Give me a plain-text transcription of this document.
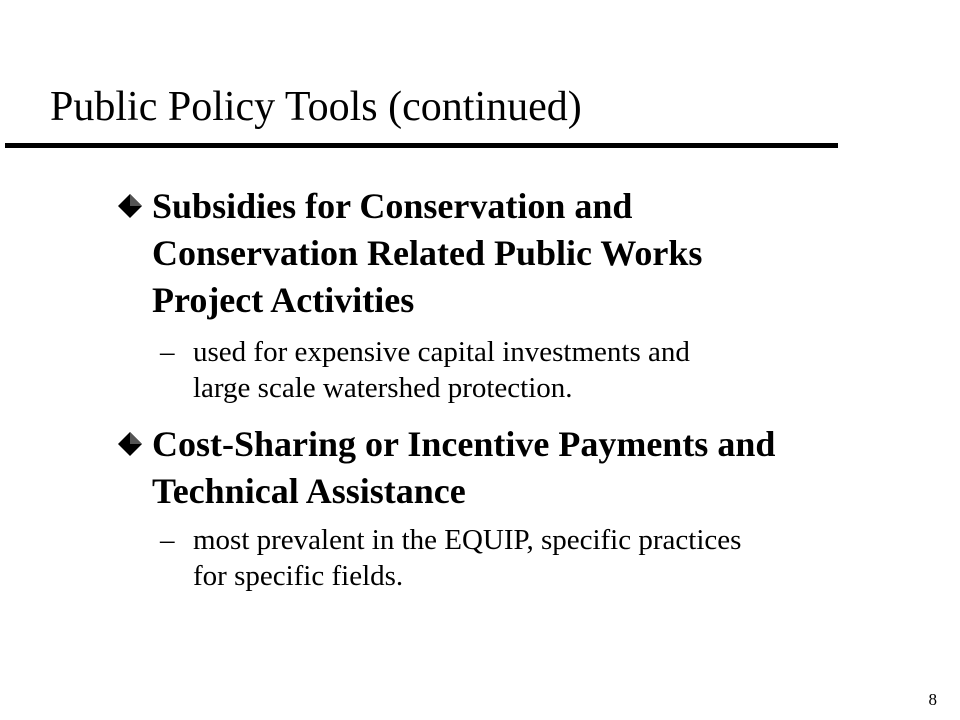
Public Policy Tools (continued)

Subsidies for Conservation and
Conservation Related Public Works
Project Activities

– used for expensive capital investments and
large scale watershed protection.

Cost-Sharing or Incentive Payments and
Technical Assistance

– most prevalent in the EQUIP, specific practices
for specific fields.

8
